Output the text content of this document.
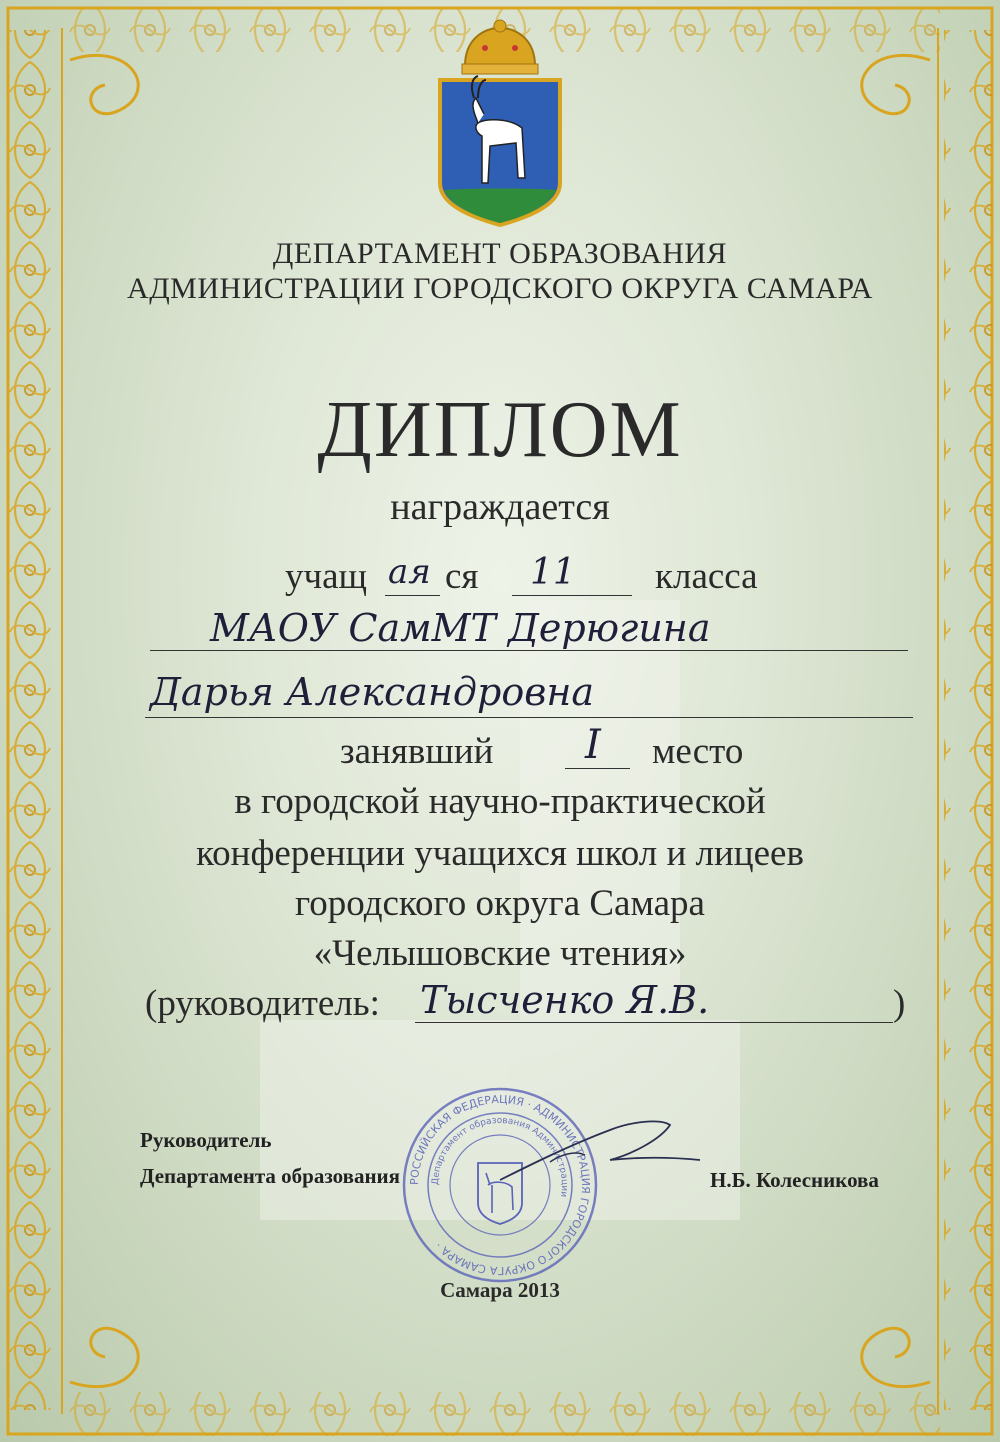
ДЕПАРТАМЕНТ ОБРАЗОВАНИЯ
АДМИНИСТРАЦИИ ГОРОДСКОГО ОКРУГА САМАРА
ДИПЛОМ
награждается
учащ ая ся 11 класса
МАОУ СамМТ Дерюгина
Дарья Александровна
занявший I место
в городской научно-практической
конференции учащихся школ и лицеев
городского округа Самара
«Челышовские чтения»
(руководитель: Тысченко Я.В.	)
РОССИЙСКАЯ ФЕДЕРАЦИЯ · АДМИНИСТРАЦИЯ ГОРОДСКОГО ОКРУГА САМАРА ·
Департамент образования Администрации
Руководитель
Департамента образования	Н.Б. Колесникова
Самара 2013
